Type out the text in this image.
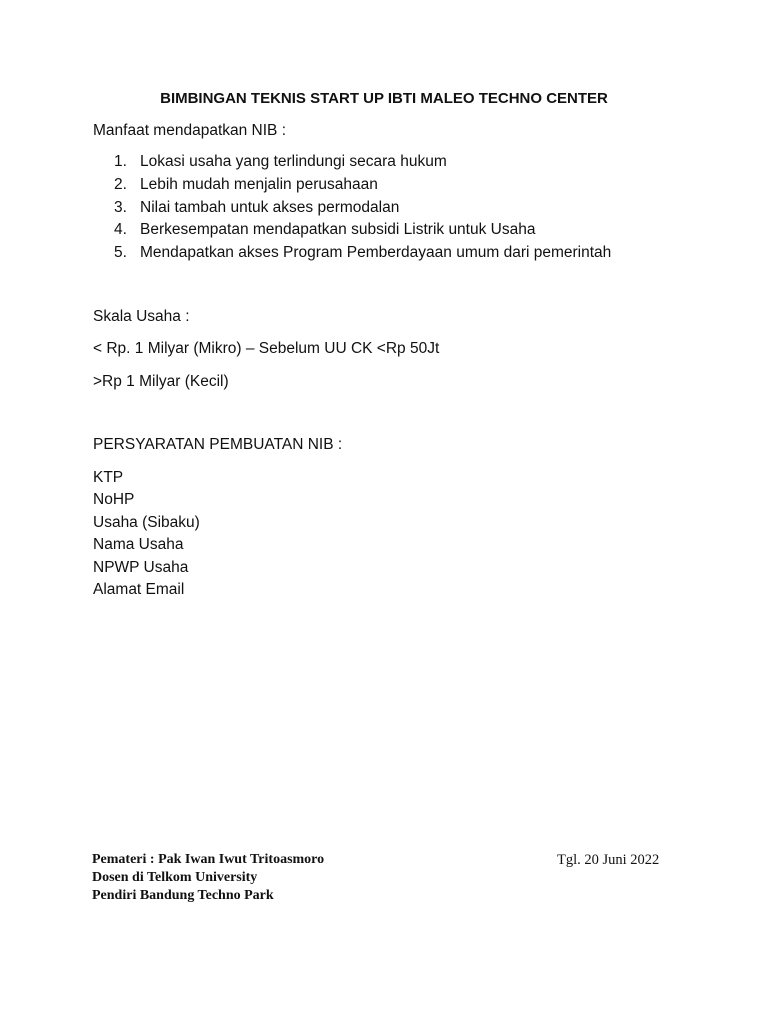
BIMBINGAN TEKNIS START UP IBTI MALEO TECHNO CENTER
Manfaat mendapatkan NIB :
1. Lokasi usaha yang terlindungi secara hukum
2. Lebih mudah menjalin perusahaan
3. Nilai tambah untuk akses permodalan
4. Berkesempatan mendapatkan subsidi Listrik untuk Usaha
5. Mendapatkan akses Program Pemberdayaan umum dari pemerintah
Skala Usaha :
< Rp. 1 Milyar (Mikro) – Sebelum UU CK <Rp 50Jt
>Rp 1 Milyar (Kecil)
PERSYARATAN PEMBUATAN NIB :
KTP
NoHP
Usaha (Sibaku)
Nama Usaha
NPWP Usaha
Alamat Email
Pemateri : Pak Iwan Iwut Tritoasmoro
Dosen di Telkom University
Pendiri Bandung Techno Park
Tgl. 20 Juni 2022
